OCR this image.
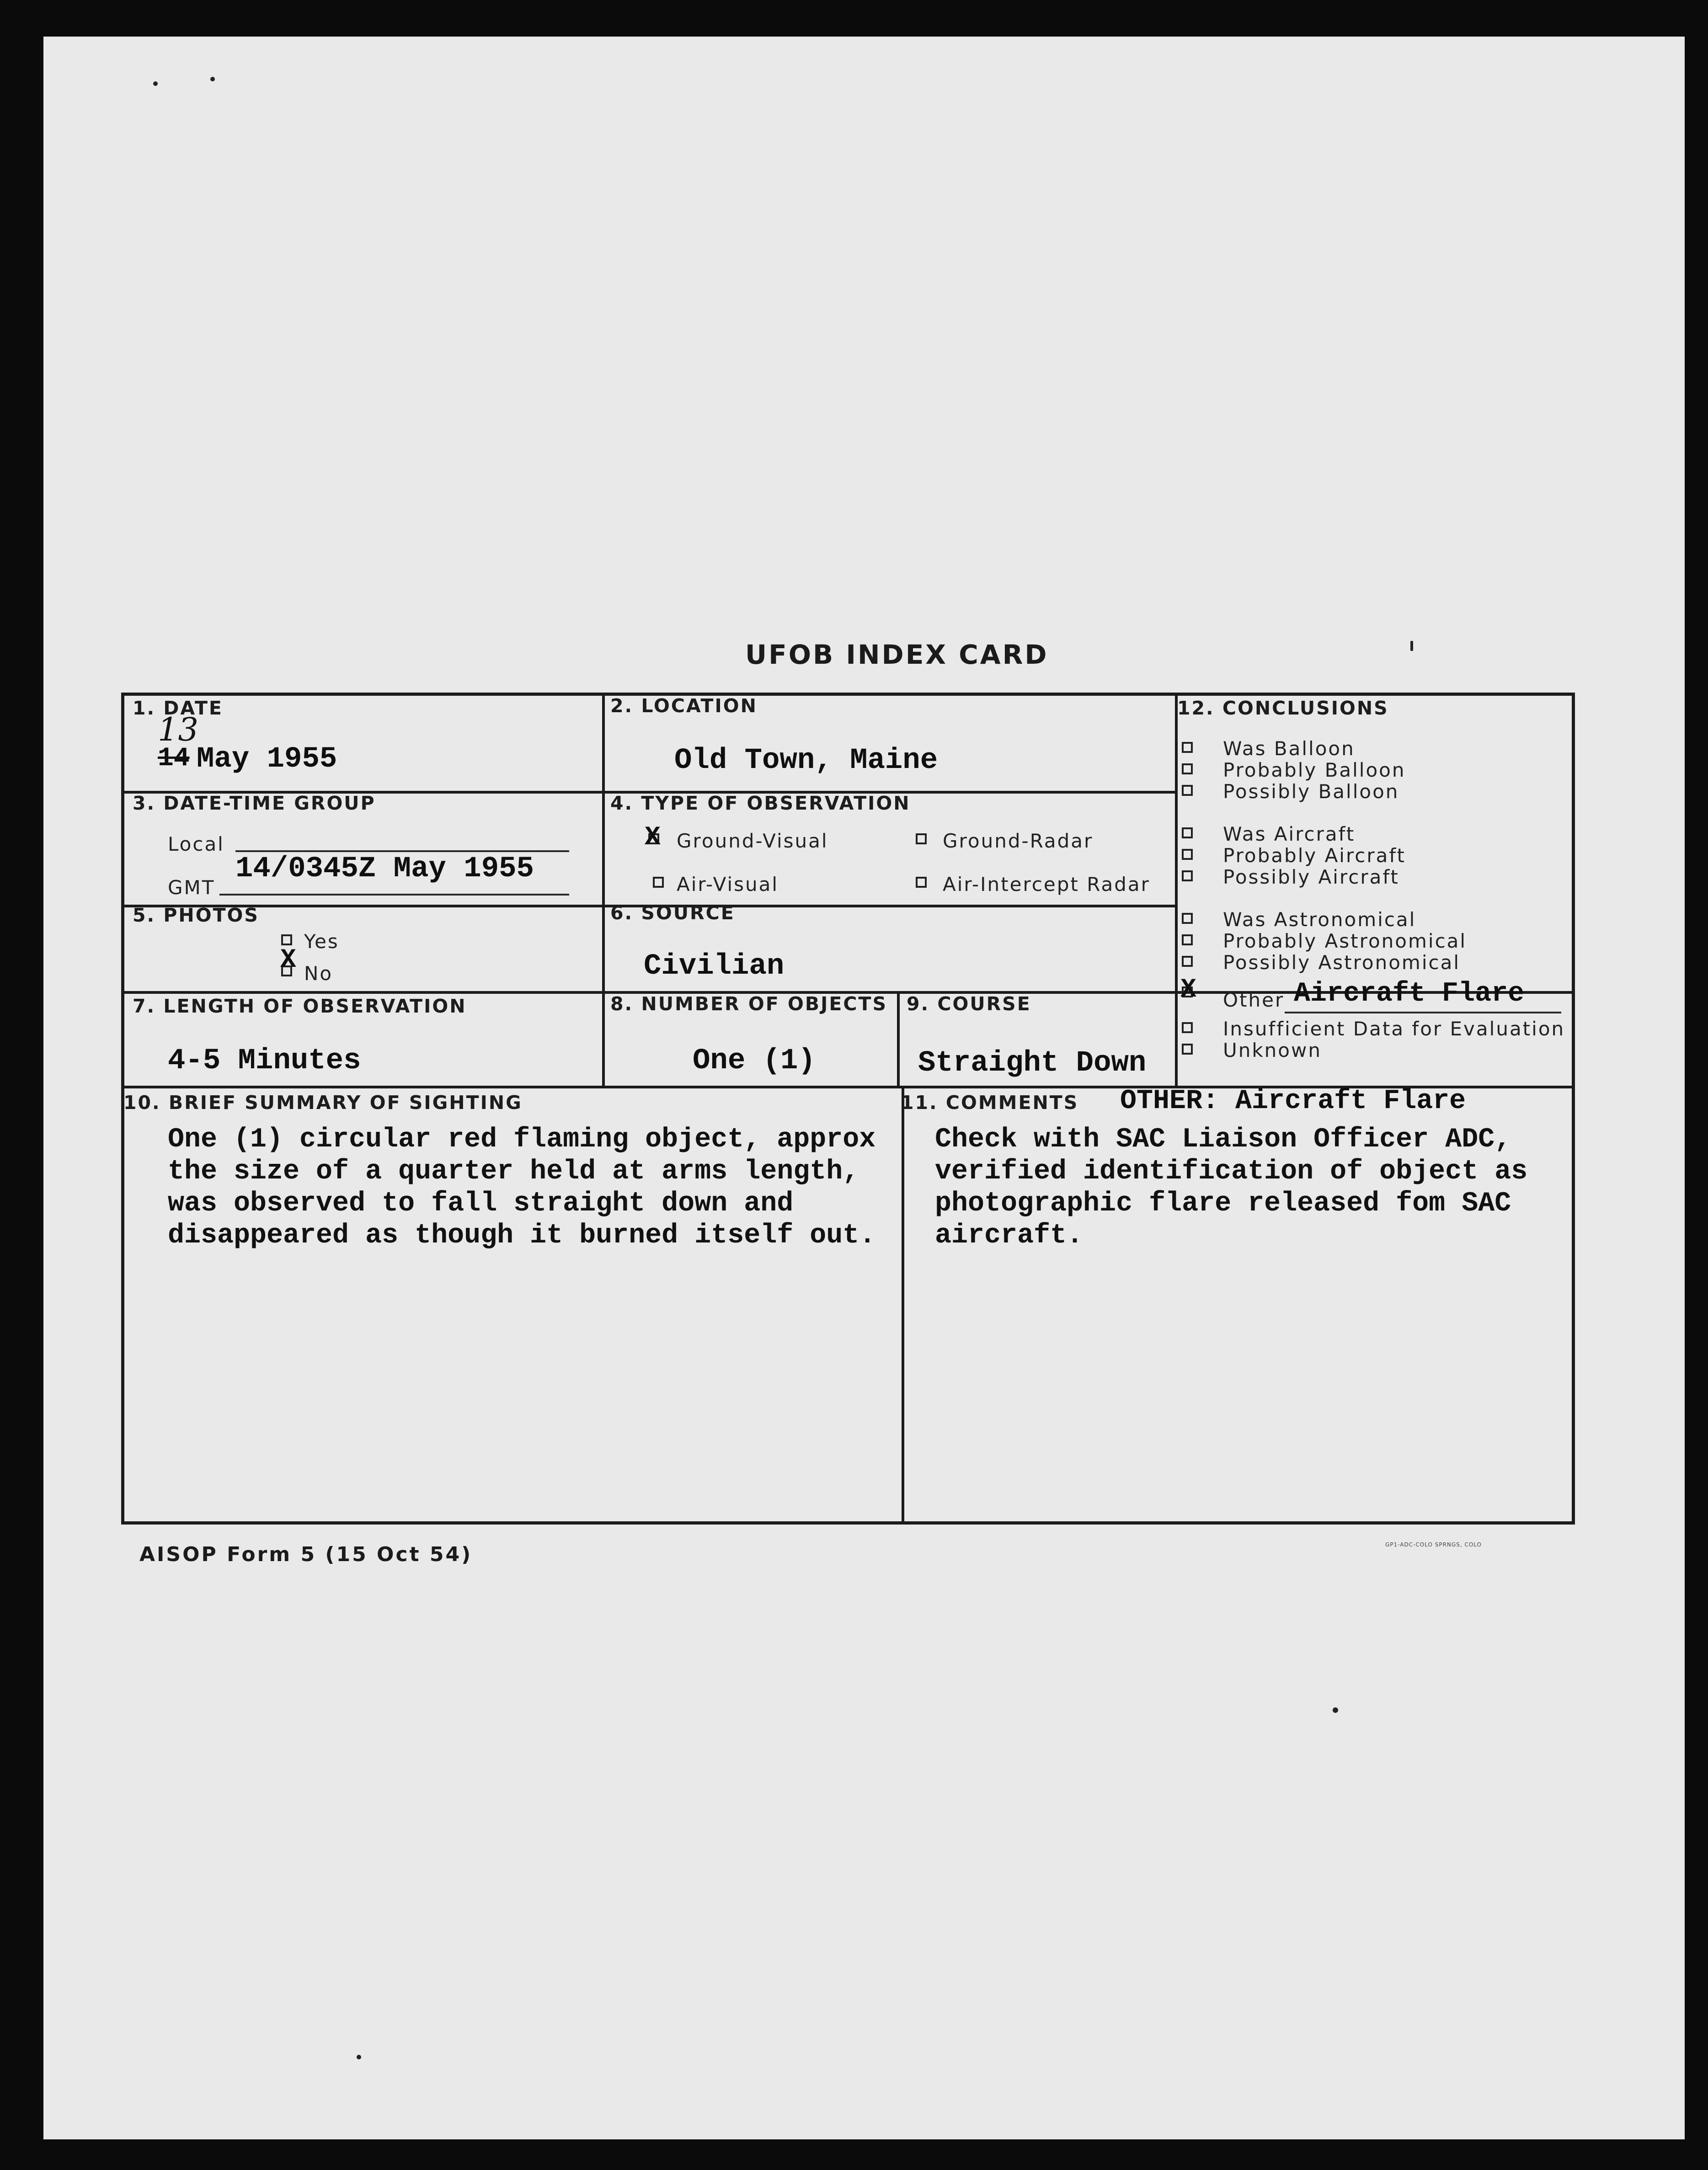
UFOB INDEX CARD
1. DATE
13
14 May 1955
2. LOCATION
Old Town, Maine
3. DATE-TIME GROUP
Local
GMT
14/0345Z May 1955
4. TYPE OF OBSERVATION
X Ground-Visual	Ground-Radar
Air-Visual	Air-Intercept Radar
5. PHOTOS
Yes
X No
6. SOURCE
Civilian
7. LENGTH OF OBSERVATION
4-5 Minutes
8. NUMBER OF OBJECTS
One (1)
9. COURSE
Straight Down
10. BRIEF SUMMARY OF SIGHTING
One (1) circular red flaming object, approx
the size of a quarter held at arms length,
was observed to fall straight down and
disappeared as though it burned itself out.
11. COMMENTS OTHER: Aircraft Flare
Check with SAC Liaison Officer ADC,
verified identification of object as
photographic flare released fom SAC
aircraft.
12. CONCLUSIONS
Was Balloon
Probably Balloon
Possibly Balloon
Was Aircraft
Probably Aircraft
Possibly Aircraft
Was Astronomical
Probably Astronomical
Possibly Astronomical
X Other Aircraft Flare
Insufficient Data for Evaluation
Unknown
AISOP Form 5 (15 Oct 54)	GP1-ADC-COLO SPRNGS, COLO
